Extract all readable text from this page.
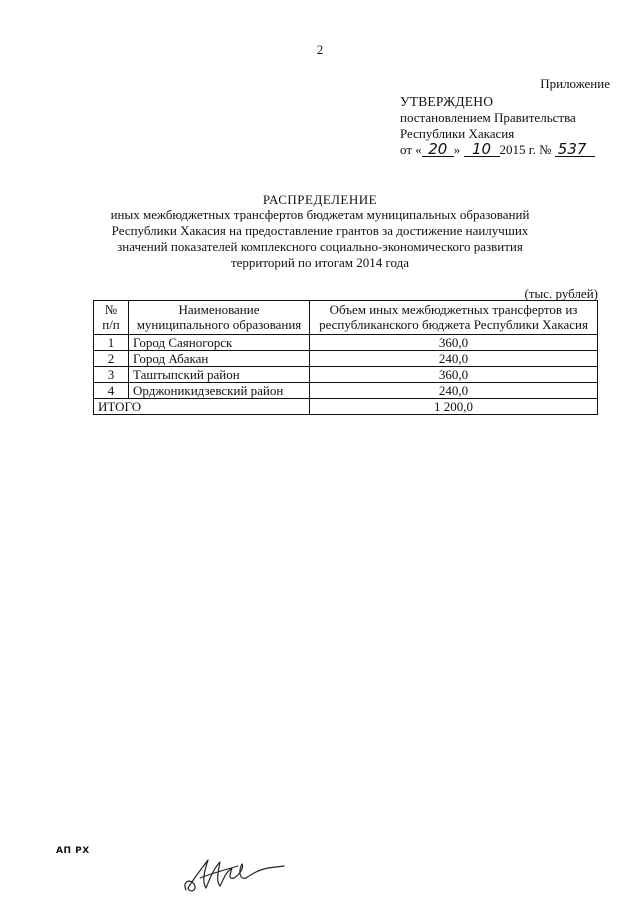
2
Приложение
УТВЕРЖДЕНО
постановлением Правительства
Республики Хакасия
от « 20 » 10 2015 г. № 537
РАСПРЕДЕЛЕНИЕ
иных межбюджетных трансфертов бюджетам муниципальных образований Республики Хакасия на предоставление грантов за достижение наилучших значений показателей комплексного социально-экономического развития территорий по итогам 2014 года
(тыс. рублей)
№ п/п	Наименование муниципального образования	Объем иных межбюджетных трансфертов из республиканского бюджета Республики Хакасия
1	Город Саяногорск	360,0
2	Город Абакан	240,0
3	Таштыпский район	360,0
4	Орджоникидзевский район	240,0
ИТОГО		1 200,0
АП РХ
